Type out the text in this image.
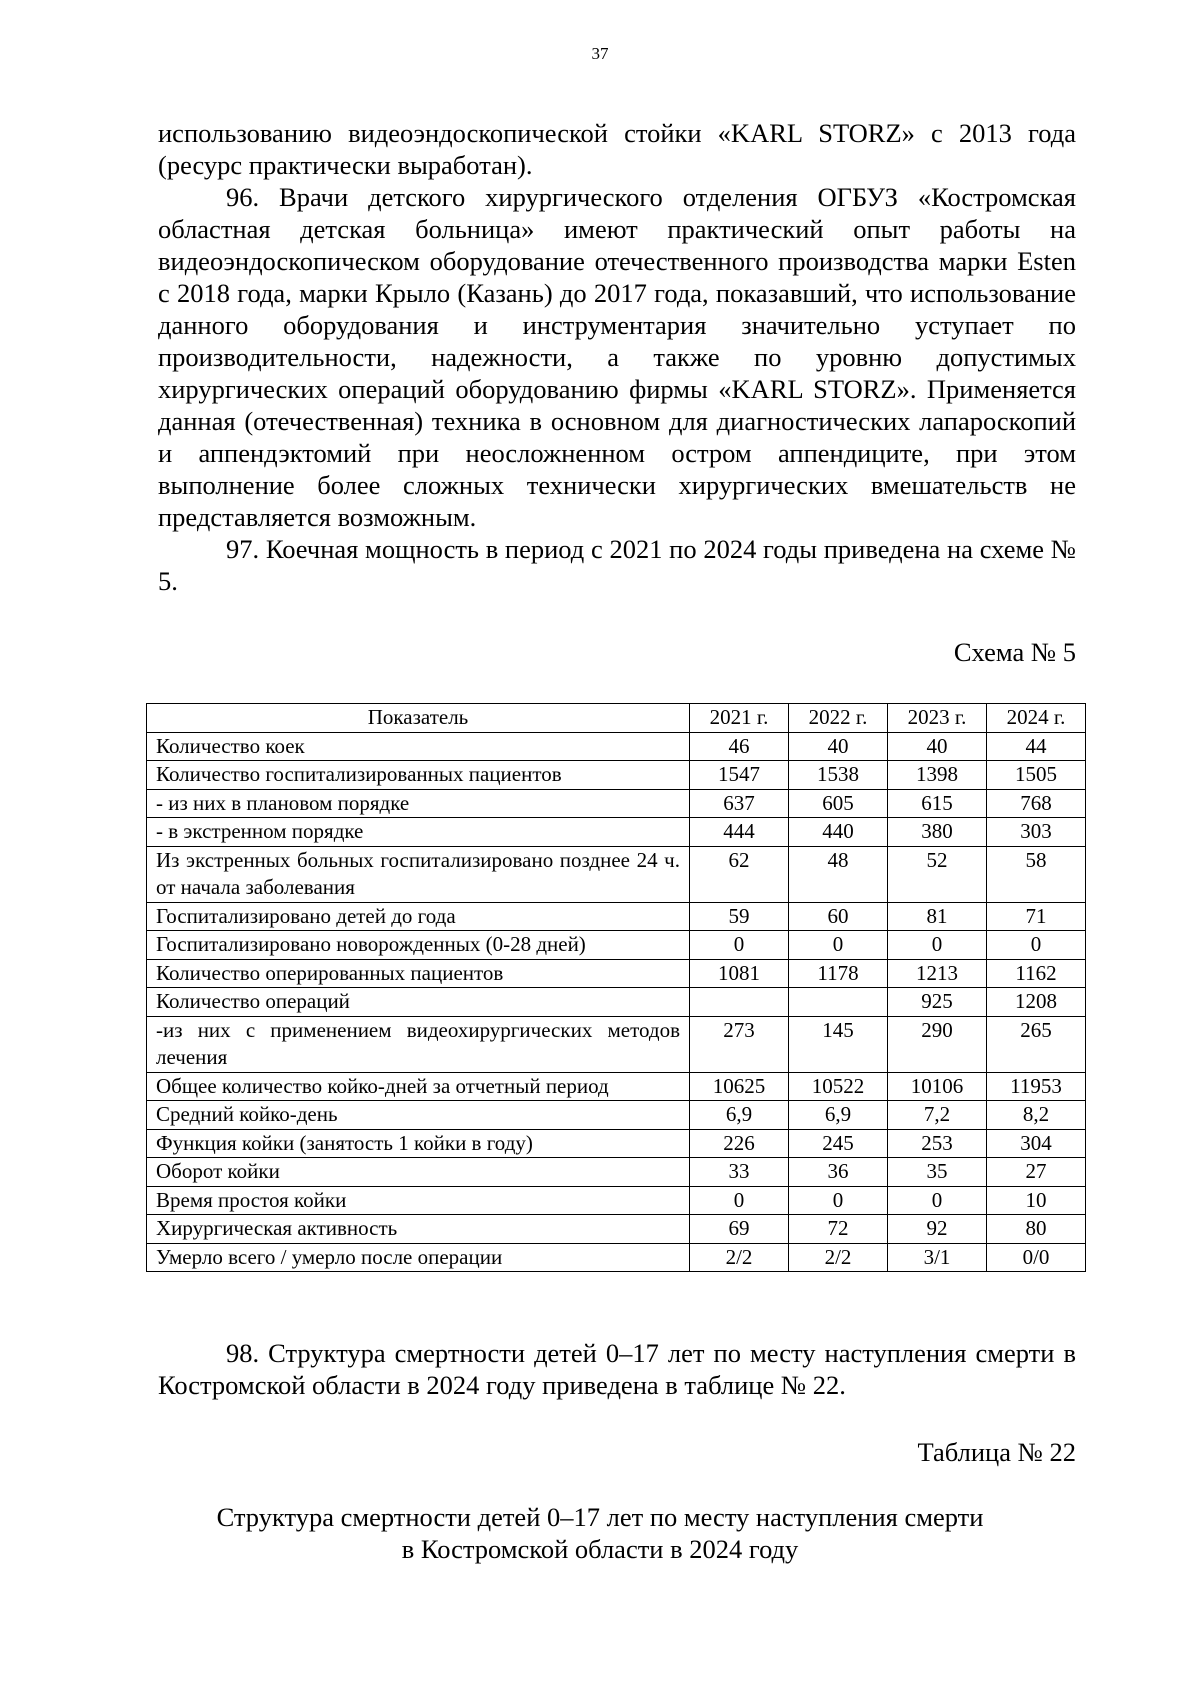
37

использованию видеоэндоскопической стойки «KARL STORZ» с 2013 года (ресурс практически выработан).

96. Врачи детского хирургического отделения ОГБУЗ «Костромская областная детская больница» имеют практический опыт работы на видеоэндоскопическом оборудование отечественного производства марки Esten с 2018 года, марки Крыло (Казань) до 2017 года, показавший, что использование данного оборудования и инструментария значительно уступает по производительности, надежности, а также по уровню допустимых хирургических операций оборудованию фирмы «KARL STORZ». Применяется данная (отечественная) техника в основном для диагностических лапароскопий и аппендэктомий при неосложненном остром аппендиците, при этом выполнение более сложных технически хирургических вмешательств не представляется возможным.

97. Коечная мощность в период с 2021 по 2024 годы приведена на схеме № 5.

Схема № 5
Показатель	2021 г.	2022 г.	2023 г.	2024 г.
Количество коек	46	40	40	44
Количество госпитализированных пациентов	1547	1538	1398	1505
- из них в плановом порядке	637	605	615	768
- в экстренном порядке	444	440	380	303
Из экстренных больных госпитализировано позднее 24 ч. от начала заболевания	62	48	52	58
Госпитализировано детей до года	59	60	81	71
Госпитализировано новорожденных (0-28 дней)	0	0	0	0
Количество оперированных пациентов	1081	1178	1213	1162
Количество операций			925	1208
-из них с применением видеохирургических методов лечения	273	145	290	265
Общее количество койко-дней за отчетный период	10625	10522	10106	11953
Средний койко-день	6,9	6,9	7,2	8,2
Функция койки (занятость 1 койки в году)	226	245	253	304
Оборот койки	33	36	35	27
Время простоя койки	0	0	0	10
Хирургическая активность	69	72	92	80
Умерло всего / умерло после операции	2/2	2/2	3/1	0/0

98. Структура смертности детей 0–17 лет по месту наступления смерти в Костромской области в 2024 году приведена в таблице № 22.

Таблица № 22
Структура смертности детей 0–17 лет по месту наступления смерти
в Костромской области в 2024 году
